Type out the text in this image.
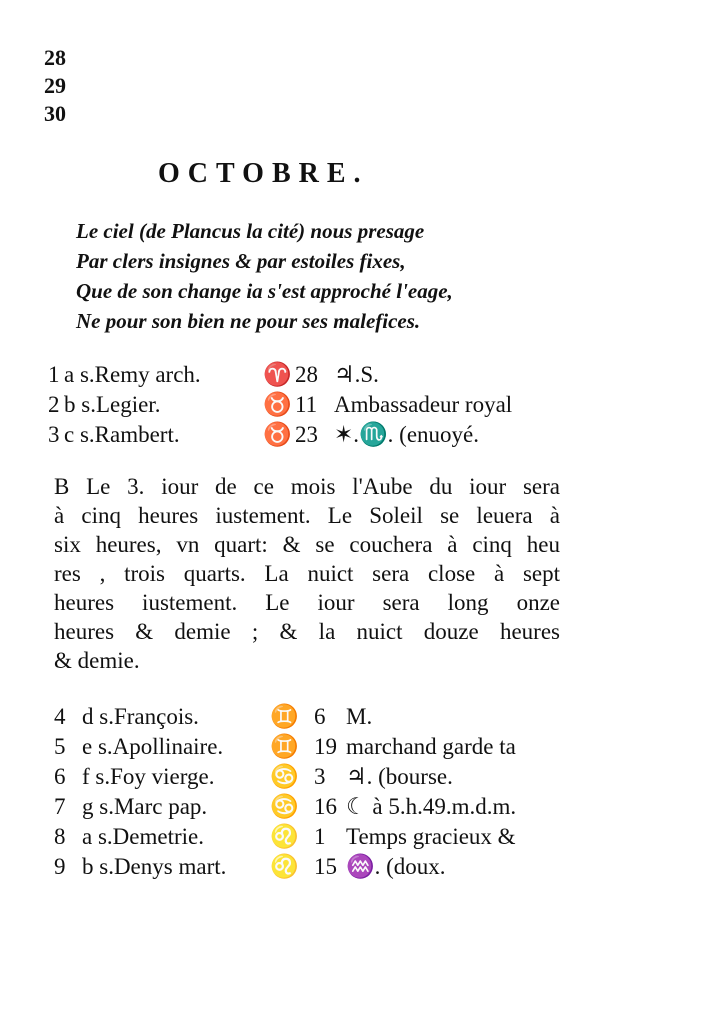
28
29
30
OCTOBRE.
Le ciel (de Plancus la cité) nous presage
Par clers insignes & par estoiles fixes,
Que de son change ia s'est approché l'eage,
Ne pour son bien ne pour ses malefices.
1 a s.Remy arch.	♈ 28 ♃.S.
2 b s.Legier.	♉ 11 Ambassadeur royal
3 c s.Rambert.	♉ 23 ✶.♏. (enuoyé.
B Le 3. iour de ce mois l'Aube du iour sera
à cinq heures iustement. Le Soleil se leuera à
six heures, vn quart: & se couchera à cinq heu
res , trois quarts. La nuict sera close à sept
heures iustement. Le iour sera long onze
heures & demie ; & la nuict douze heures
& demie.
4 d s.François.	♊ 6 M.
5 e s.Apollinaire. ♊ 19 marchand garde ta
6 f s.Foy vierge. ♋ 3 ♃. (bourse.
7 g s.Marc pap.	♋ 16 ☾ à 5.h.49.m.d.m.
8 a s.Demetrie.	♌ 1 Temps gracieux &
9 b s.Denys mart. ♌ 15 ♒. (doux.
